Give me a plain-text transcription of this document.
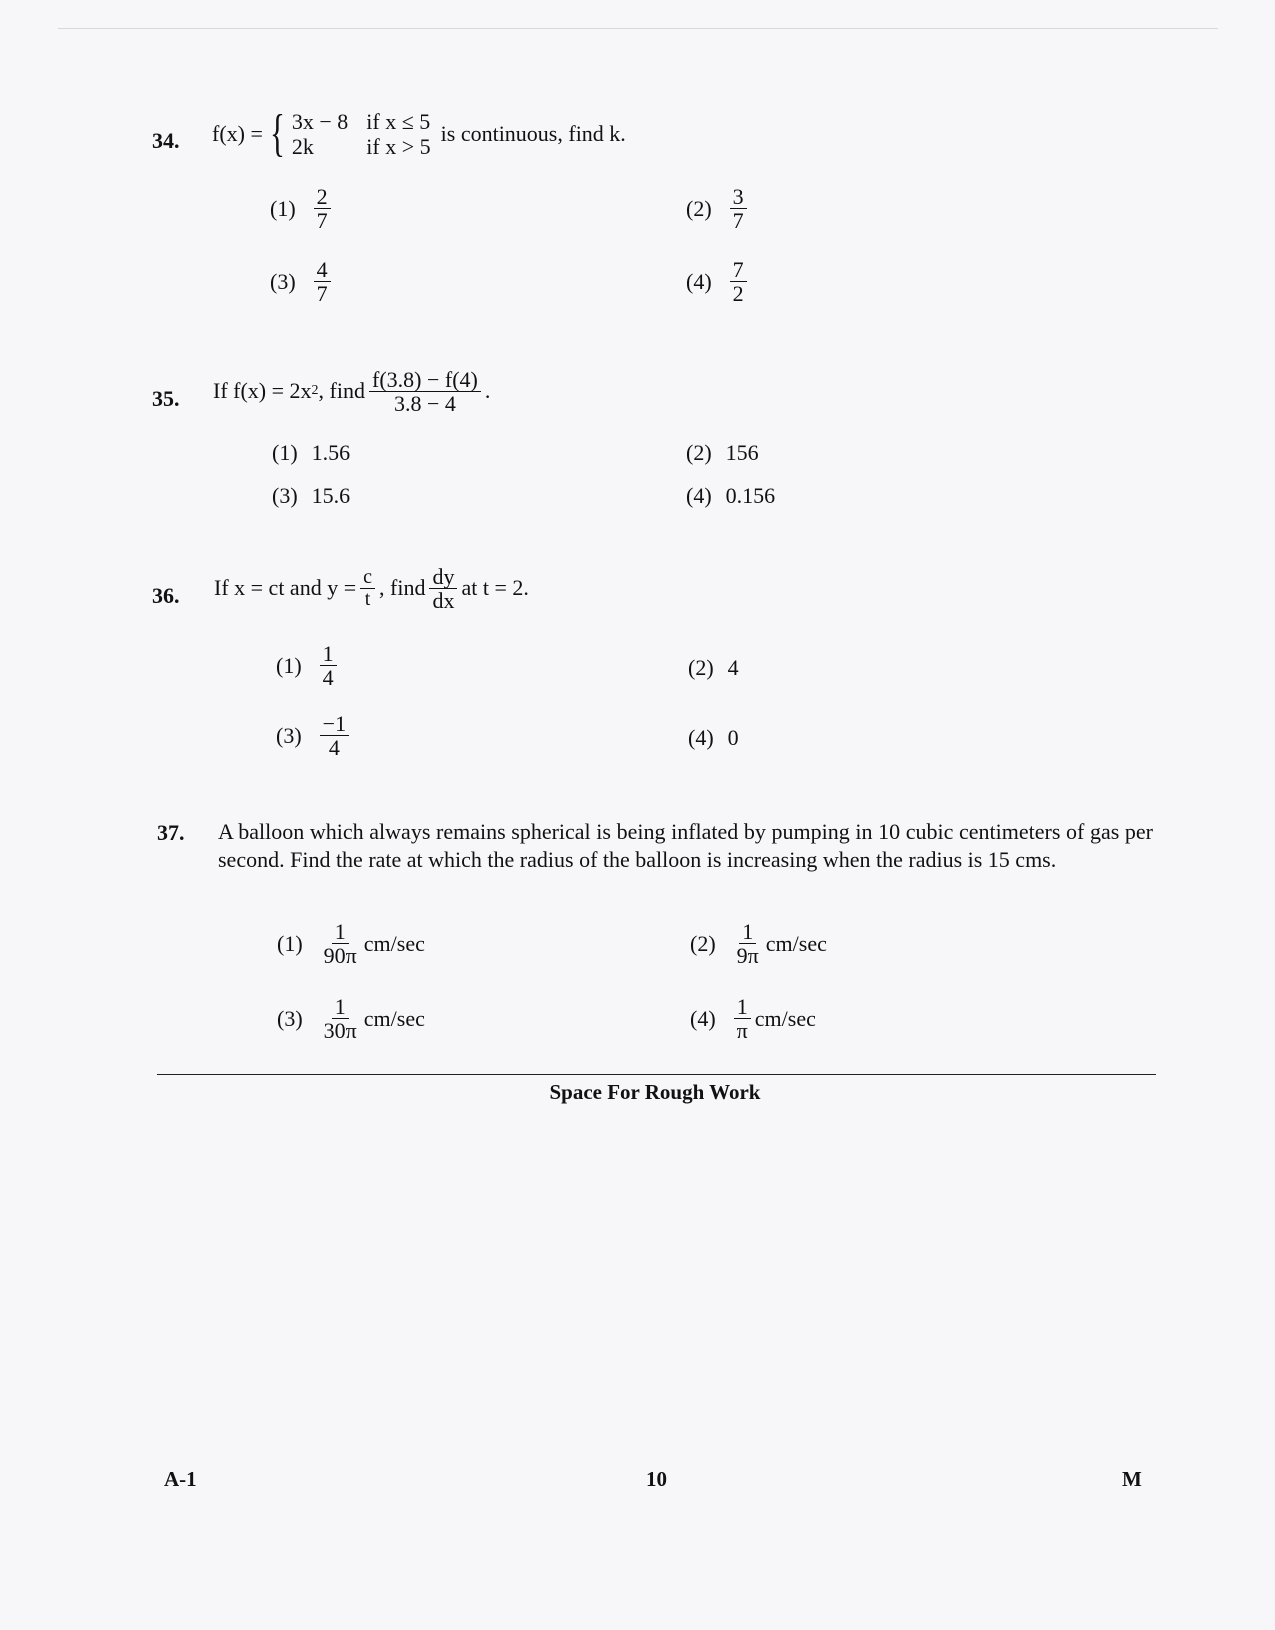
34. f(x) = { 3x − 8 if x ≤ 5
2k	if x > 5
is continuous, find k.
$(1) \frac{2}{7}$	$(2) \frac{3}{7}$
$(3) \frac{4}{7}$	$(4) \frac{7}{2}$
35. If f(x) = 2x 2 , find $\frac{f(3.8) - f(4)}{3.8 - 4}$ .
(1) 1.56	(2) 156
(3) 15.6	(4) 0.156
36. If x = ct and $y = \frac{c}{t}$ , find $\frac{dy}{dx}$ at t = 2.
$(1) \frac{1}{4}$	(2) 4
$(3) \frac{-1}{4}$	(4) 0
37. A balloon which always remains spherical is being inflated by pumping in 10 cubic centimeters of gas per second. Find the rate at which the radius of the balloon is increasing when the radius is 15 cms.
$(1) \frac{1}{90\pi} cm/\sec$	$(2) \frac{1}{9\pi} cm/\sec$
$(3) \frac{1}{30\pi} cm/\sec$	$(4) \frac{1}{\pi} cm/\sec$
Space For Rough Work
A-1	10	M
